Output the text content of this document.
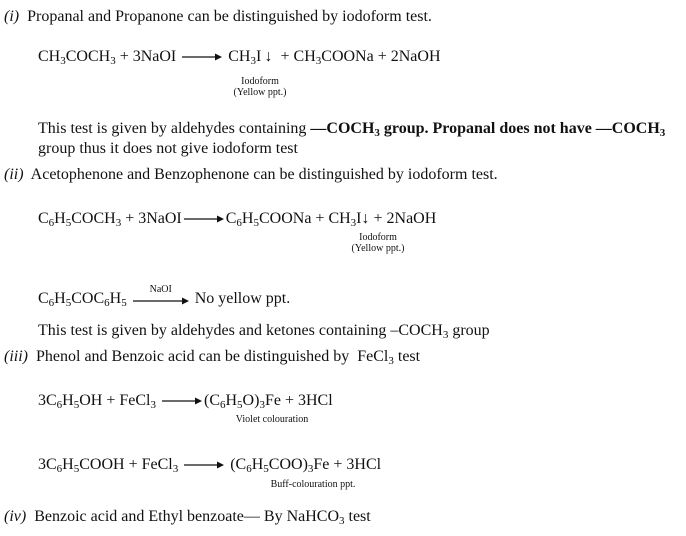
(i) Propanal and Propanone can be distinguished by iodoform test.
$CH_3COCH_3$ + 3NaOI → $CH_3I$ ↓  + $CH_3COONa$ + 2NaOH
Iodoform
(Yellow ppt.)
This test is given by aldehydes containing $—COCH_3$ group. Propanal does not have $—COCH_3$
group thus it does not give iodoform test
(ii) Acetophenone and Benzophenone can be distinguished by iodoform test.
$C_6H_5COCH_3$ + $3NaOI\to C_6H_5COONa$ + $CH_3I↓$ + 2NaOH
Iodoform
(Yellow ppt.)
$C_6H_5COC_6H_5$
NaOI
No yellow ppt.
This test is given by aldehydes and ketones containing $-COCH_3$ group
(iii)  Phenol and Benzoic acid can be distinguished by  FeCl$_3$ test
$3C_6H_5OH$ + FeCl$_3$ $\to(C_6H_5O)_3Fe + 3HCl$
Violet colouration
$3C_6H_5COOH$ + FeCl$_3$ → $(C_6H_5COO)_3Fe + 3HCl$
Buff-colouration ppt.
(iv)  Benzoic acid and Ethyl benzoate— By NaHCO$_3$ test
